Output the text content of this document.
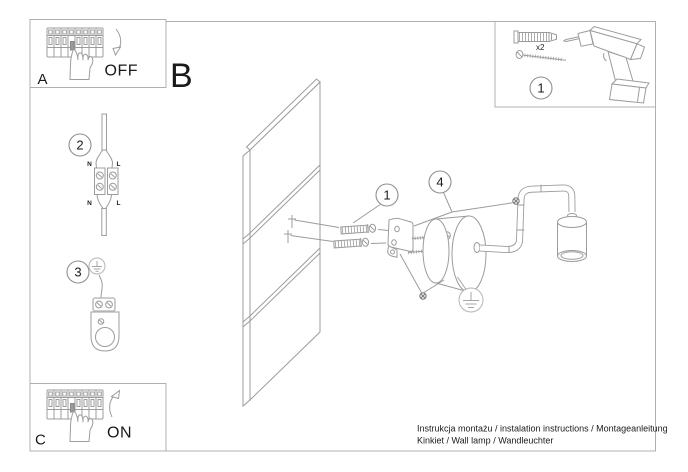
A	OFF
C	ON
B
2
N	L
N	L
3
1
4
x2
1
Instrukcja montażu / instalation instructions / Montageanleitung
Kinkiet / Wall lamp / Wandleuchter
